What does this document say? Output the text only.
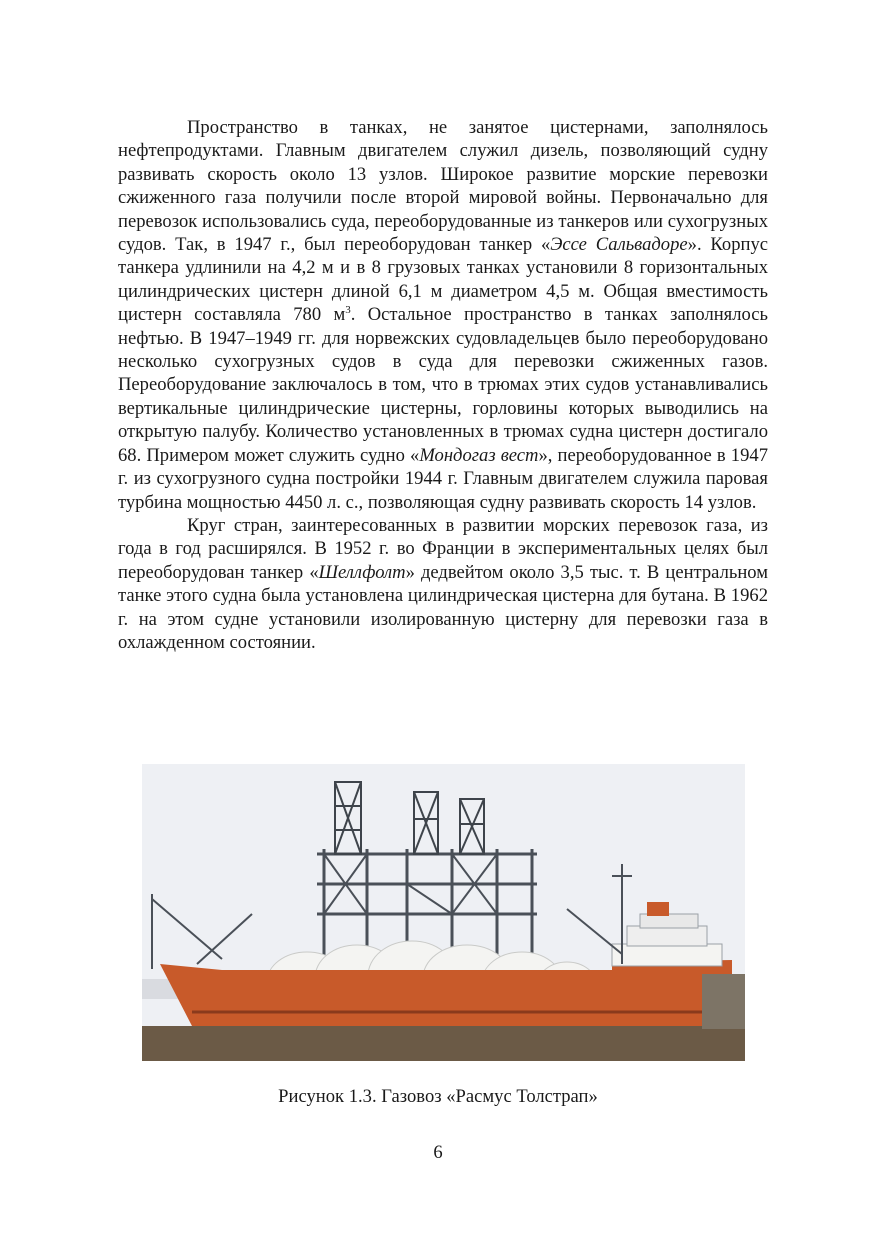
Пространство в танках, не занятое цистернами, заполнялось нефтепродуктами. Главным двигателем служил дизель, позволяющий судну развивать скорость около 13 узлов. Широкое развитие морские перевозки сжиженного газа получили после второй мировой войны. Первоначально для перевозок использовались суда, переоборудованные из танкеров или сухогрузных судов. Так, в 1947 г., был переоборудован танкер «Эссе Сальвадоре». Корпус танкера удлинили на 4,2 м и в 8 грузовых танках установили 8 горизонтальных цилиндрических цистерн длиной 6,1 м диаметром 4,5 м. Общая вместимость цистерн составляла 780 $м^3$. Остальное пространство в танках заполнялось нефтью. В 1947–1949 гг. для норвежских судовладельцев было переоборудовано несколько сухогрузных судов в суда для перевозки сжиженных газов. Переоборудование заключалось в том, что в трюмах этих судов устанавливались вертикальные цилиндрические цистерны, горловины которых выводились на открытую палубу. Количество установленных в трюмах судна цистерн достигало 68. Примером может служить судно «Мондогаз вест», переоборудованное в 1947 г. из сухогрузного судна постройки 1944 г. Главным двигателем служила паровая турбина мощностью 4450 л. с., позволяющая судну развивать скорость 14 узлов.

Круг стран, заинтересованных в развитии морских перевозок газа, из года в год расширялся. В 1952 г. во Франции в экспериментальных целях был переоборудован танкер «Шеллфолт» дедвейтом около 3,5 тыс. т. В центральном танке этого судна была установлена цилиндрическая цистерна для бутана. В 1962 г. на этом судне установили изолированную цистерну для перевозки газа в охлажденном состоянии.

Рисунок 1.3. Газовоз «Расмус Толстрап»
6
